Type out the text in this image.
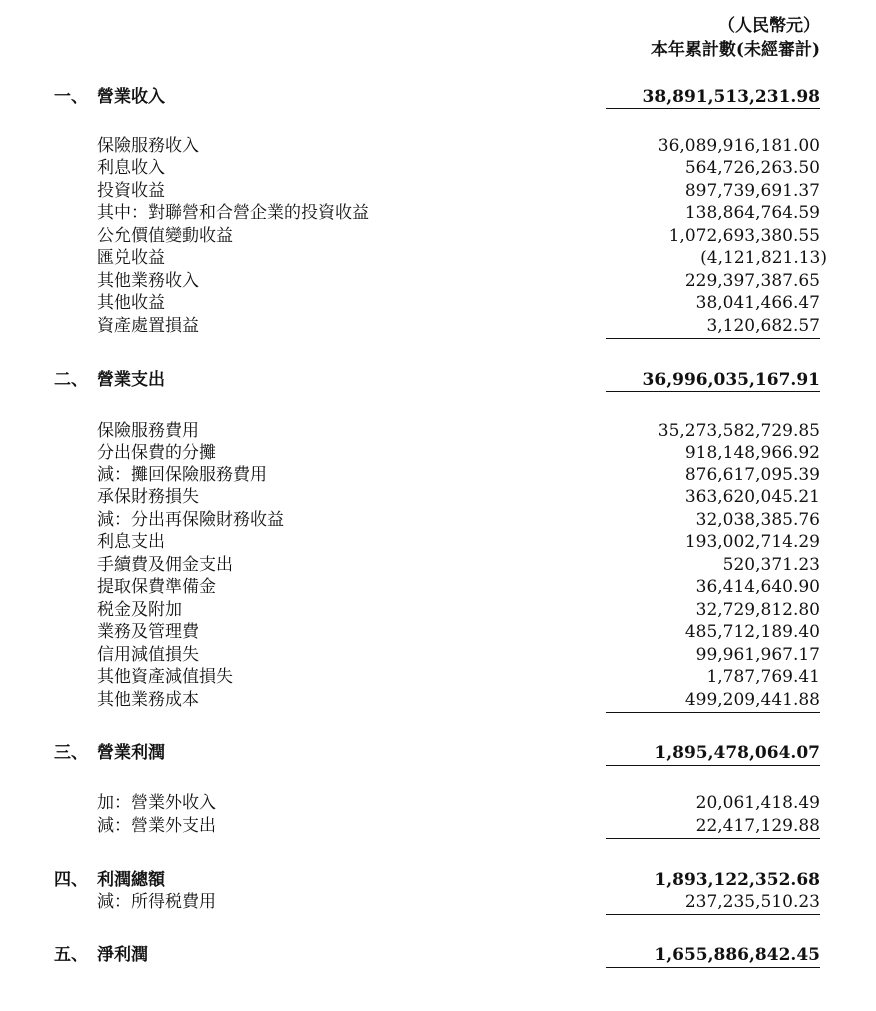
（人民幣元）
本年累計數(未經審計)
一、 營業收入	38,891,513,231.98
保險服務收入	36,089,916,181.00
利息收入	564,726,263.50
投資收益	897,739,691.37
其中：對聯營和合營企業的投資收益	138,864,764.59
公允價值變動收益	1,072,693,380.55
匯兑收益	(4,121,821.13)
其他業務收入	229,397,387.65
其他收益	38,041,466.47
資產處置損益	3,120,682.57
二、 營業支出	36,996,035,167.91
保險服務費用	35,273,582,729.85
分出保費的分攤	918,148,966.92
減：攤回保險服務費用	876,617,095.39
承保財務損失	363,620,045.21
減：分出再保險財務收益	32,038,385.76
利息支出	193,002,714.29
手續費及佣金支出	520,371.23
提取保費準備金	36,414,640.90
税金及附加	32,729,812.80
業務及管理費	485,712,189.40
信用減值損失	99,961,967.17
其他資產減值損失	1,787,769.41
其他業務成本	499,209,441.88
三、 營業利潤	1,895,478,064.07
加：營業外收入	20,061,418.49
減：營業外支出	22,417,129.88
四、 利潤總額	1,893,122,352.68
減：所得税費用	237,235,510.23
五、 淨利潤	1,655,886,842.45
